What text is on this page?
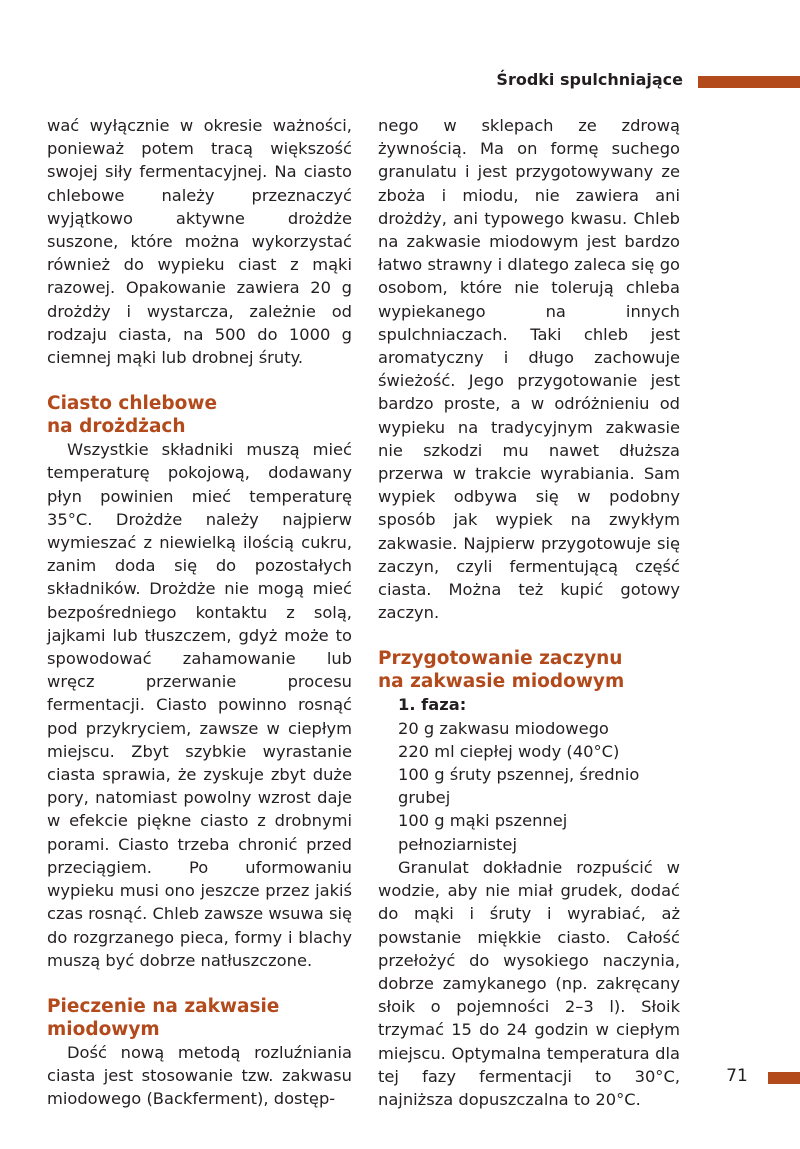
Środki spulchniające

wać wyłącznie w okresie ważności, ponieważ potem tracą większość swojej siły fermentacyjnej. Na ciasto chlebowe należy przeznaczyć wyjątkowo aktywne drożdże suszone, które można wykorzystać również do wypieku ciast z mąki razowej. Opakowanie zawiera 20 g drożdży i wystarcza, zależnie od rodzaju ciasta, na 500 do 1000 g ciemnej mąki lub drobnej śruty.

Ciasto chlebowe
na drożdżach

Wszystkie składniki muszą mieć temperaturę pokojową, dodawany płyn powinien mieć temperaturę 35°C. Drożdże należy najpierw wymieszać z niewielką ilością cukru, zanim doda się do pozostałych składników. Drożdże nie mogą mieć bezpośredniego kontaktu z solą, jajkami lub tłuszczem, gdyż może to spowodować zahamowanie lub wręcz przerwanie procesu fermentacji. Ciasto powinno rosnąć pod przykryciem, zawsze w ciepłym miejscu. Zbyt szybkie wyrastanie ciasta sprawia, że zyskuje zbyt duże pory, natomiast powolny wzrost daje w efekcie piękne ciasto z drobnymi porami. Ciasto trzeba chronić przed przeciągiem. Po uformowaniu wypieku musi ono jeszcze przez jakiś czas rosnąć. Chleb zawsze wsuwa się do rozgrzanego pieca, formy i blachy muszą być dobrze natłuszczone.

Pieczenie na zakwasie
miodowym

Dość nową metodą rozluźniania ciasta jest stosowanie tzw. zakwasu miodowego (Backferment), dostęp-

nego w sklepach ze zdrową żywnością. Ma on formę suchego granulatu i jest przygotowywany ze zboża i miodu, nie zawiera ani drożdży, ani typowego kwasu. Chleb na zakwasie miodowym jest bardzo łatwo strawny i dlatego zaleca się go osobom, które nie tolerują chleba wypiekanego na innych spulchniaczach. Taki chleb jest aromatyczny i długo zachowuje świeżość. Jego przygotowanie jest bardzo proste, a w odróżnieniu od wypieku na tradycyjnym zakwasie nie szkodzi mu nawet dłuższa przerwa w trakcie wyrabiania. Sam wypiek odbywa się w podobny sposób jak wypiek na zwykłym zakwasie. Najpierw przygotowuje się zaczyn, czyli fermentującą część ciasta. Można też kupić gotowy zaczyn.

Przygotowanie zaczynu
na zakwasie miodowym

1. faza:

20 g zakwasu miodowego

220 ml ciepłej wody (40°C)

100 g śruty pszennej, średnio grubej

100 g mąki pszennej pełnoziarnistej

Granulat dokładnie rozpuścić w wodzie, aby nie miał grudek, dodać do mąki i śruty i wyrabiać, aż powstanie miękkie ciasto. Całość przełożyć do wysokiego naczynia, dobrze zamykanego (np. zakręcany słoik o pojemności 2–3 l). Słoik trzymać 15 do 24 godzin w ciepłym miejscu. Optymalna temperatura dla tej fazy fermentacji to 30°C, najniższa dopuszczalna to 20°C.

71
